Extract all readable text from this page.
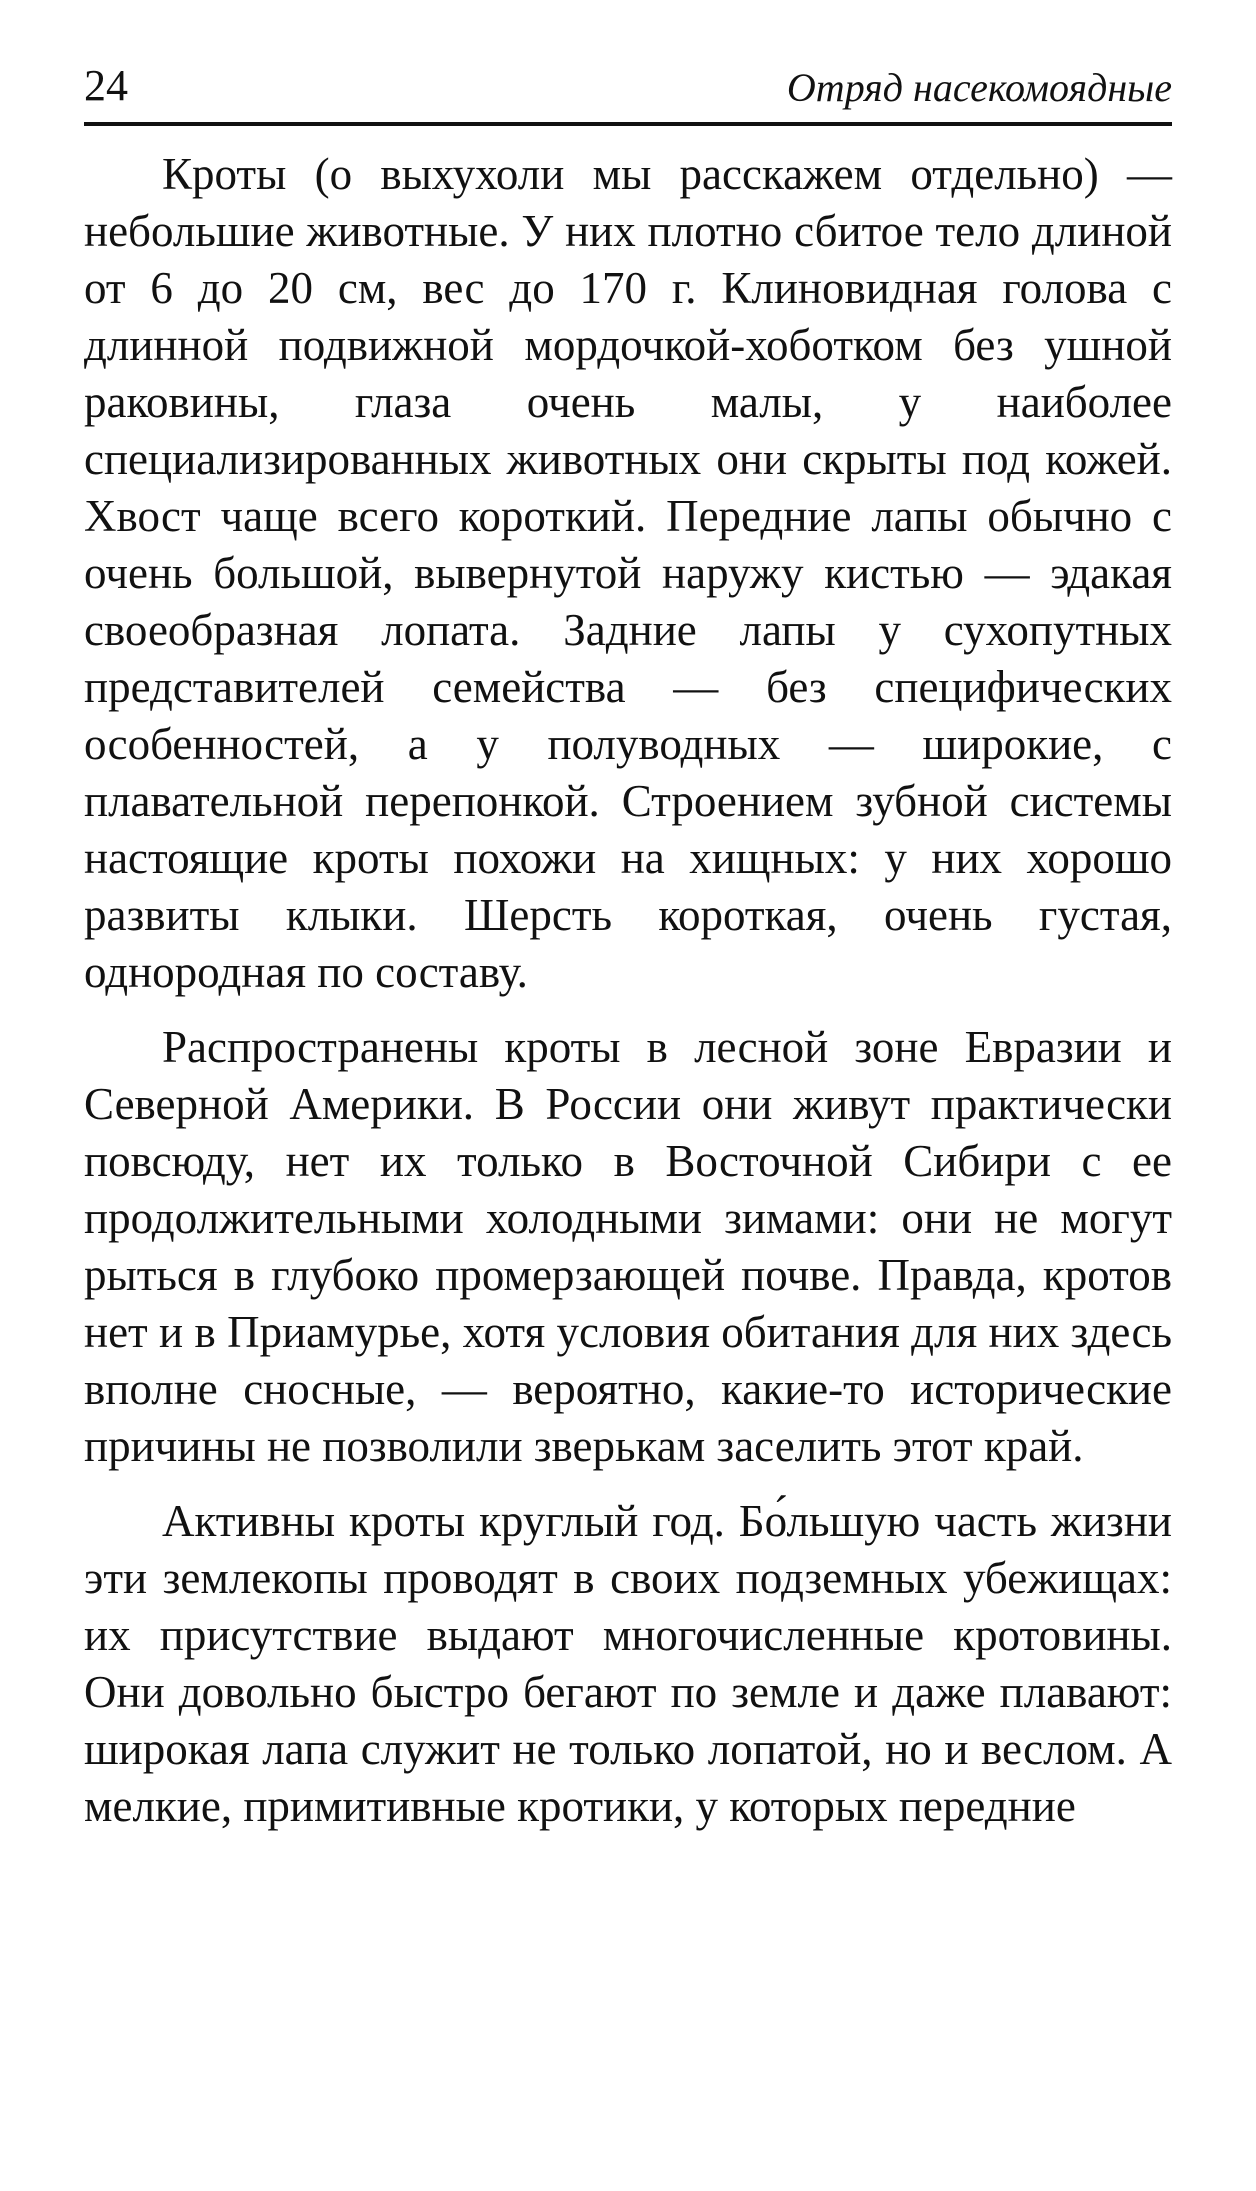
24	Отряд насекомоядные

Кроты (о выхухоли мы расскажем отдельно) — небольшие животные. У них плотно сбитое тело длиной от 6 до 20 см, вес до 170 г. Клиновидная голова с длинной подвижной мордочкой-хоботком без ушной раковины, глаза очень малы, у наиболее специализированных животных они скрыты под кожей. Хвост чаще всего короткий. Передние лапы обычно с очень большой, вывернутой наружу кистью — эдакая своеобразная лопата. Задние лапы у сухопутных представителей семейства — без специфических особенностей, а у полуводных — широкие, с плавательной перепонкой. Строением зубной системы настоящие кроты похожи на хищных: у них хорошо развиты клыки. Шерсть короткая, очень густая, однородная по составу.

Распространены кроты в лесной зоне Евразии и Северной Америки. В России они живут практически повсюду, нет их только в Восточной Сибири с ее продолжительными холодными зимами: они не могут рыться в глубоко промерзающей почве. Правда, кротов нет и в Приамурье, хотя условия обитания для них здесь вполне сносные, — вероятно, какие-то исторические причины не позволили зверькам заселить этот край.

Активны кроты круглый год. Бо́льшую часть жизни эти землекопы проводят в своих подземных убежищах: их присутствие выдают многочисленные кротовины. Они довольно быстро бегают по земле и даже плавают: широкая лапа служит не только лопатой, но и веслом. А мелкие, примитивные кротики, у которых передние
